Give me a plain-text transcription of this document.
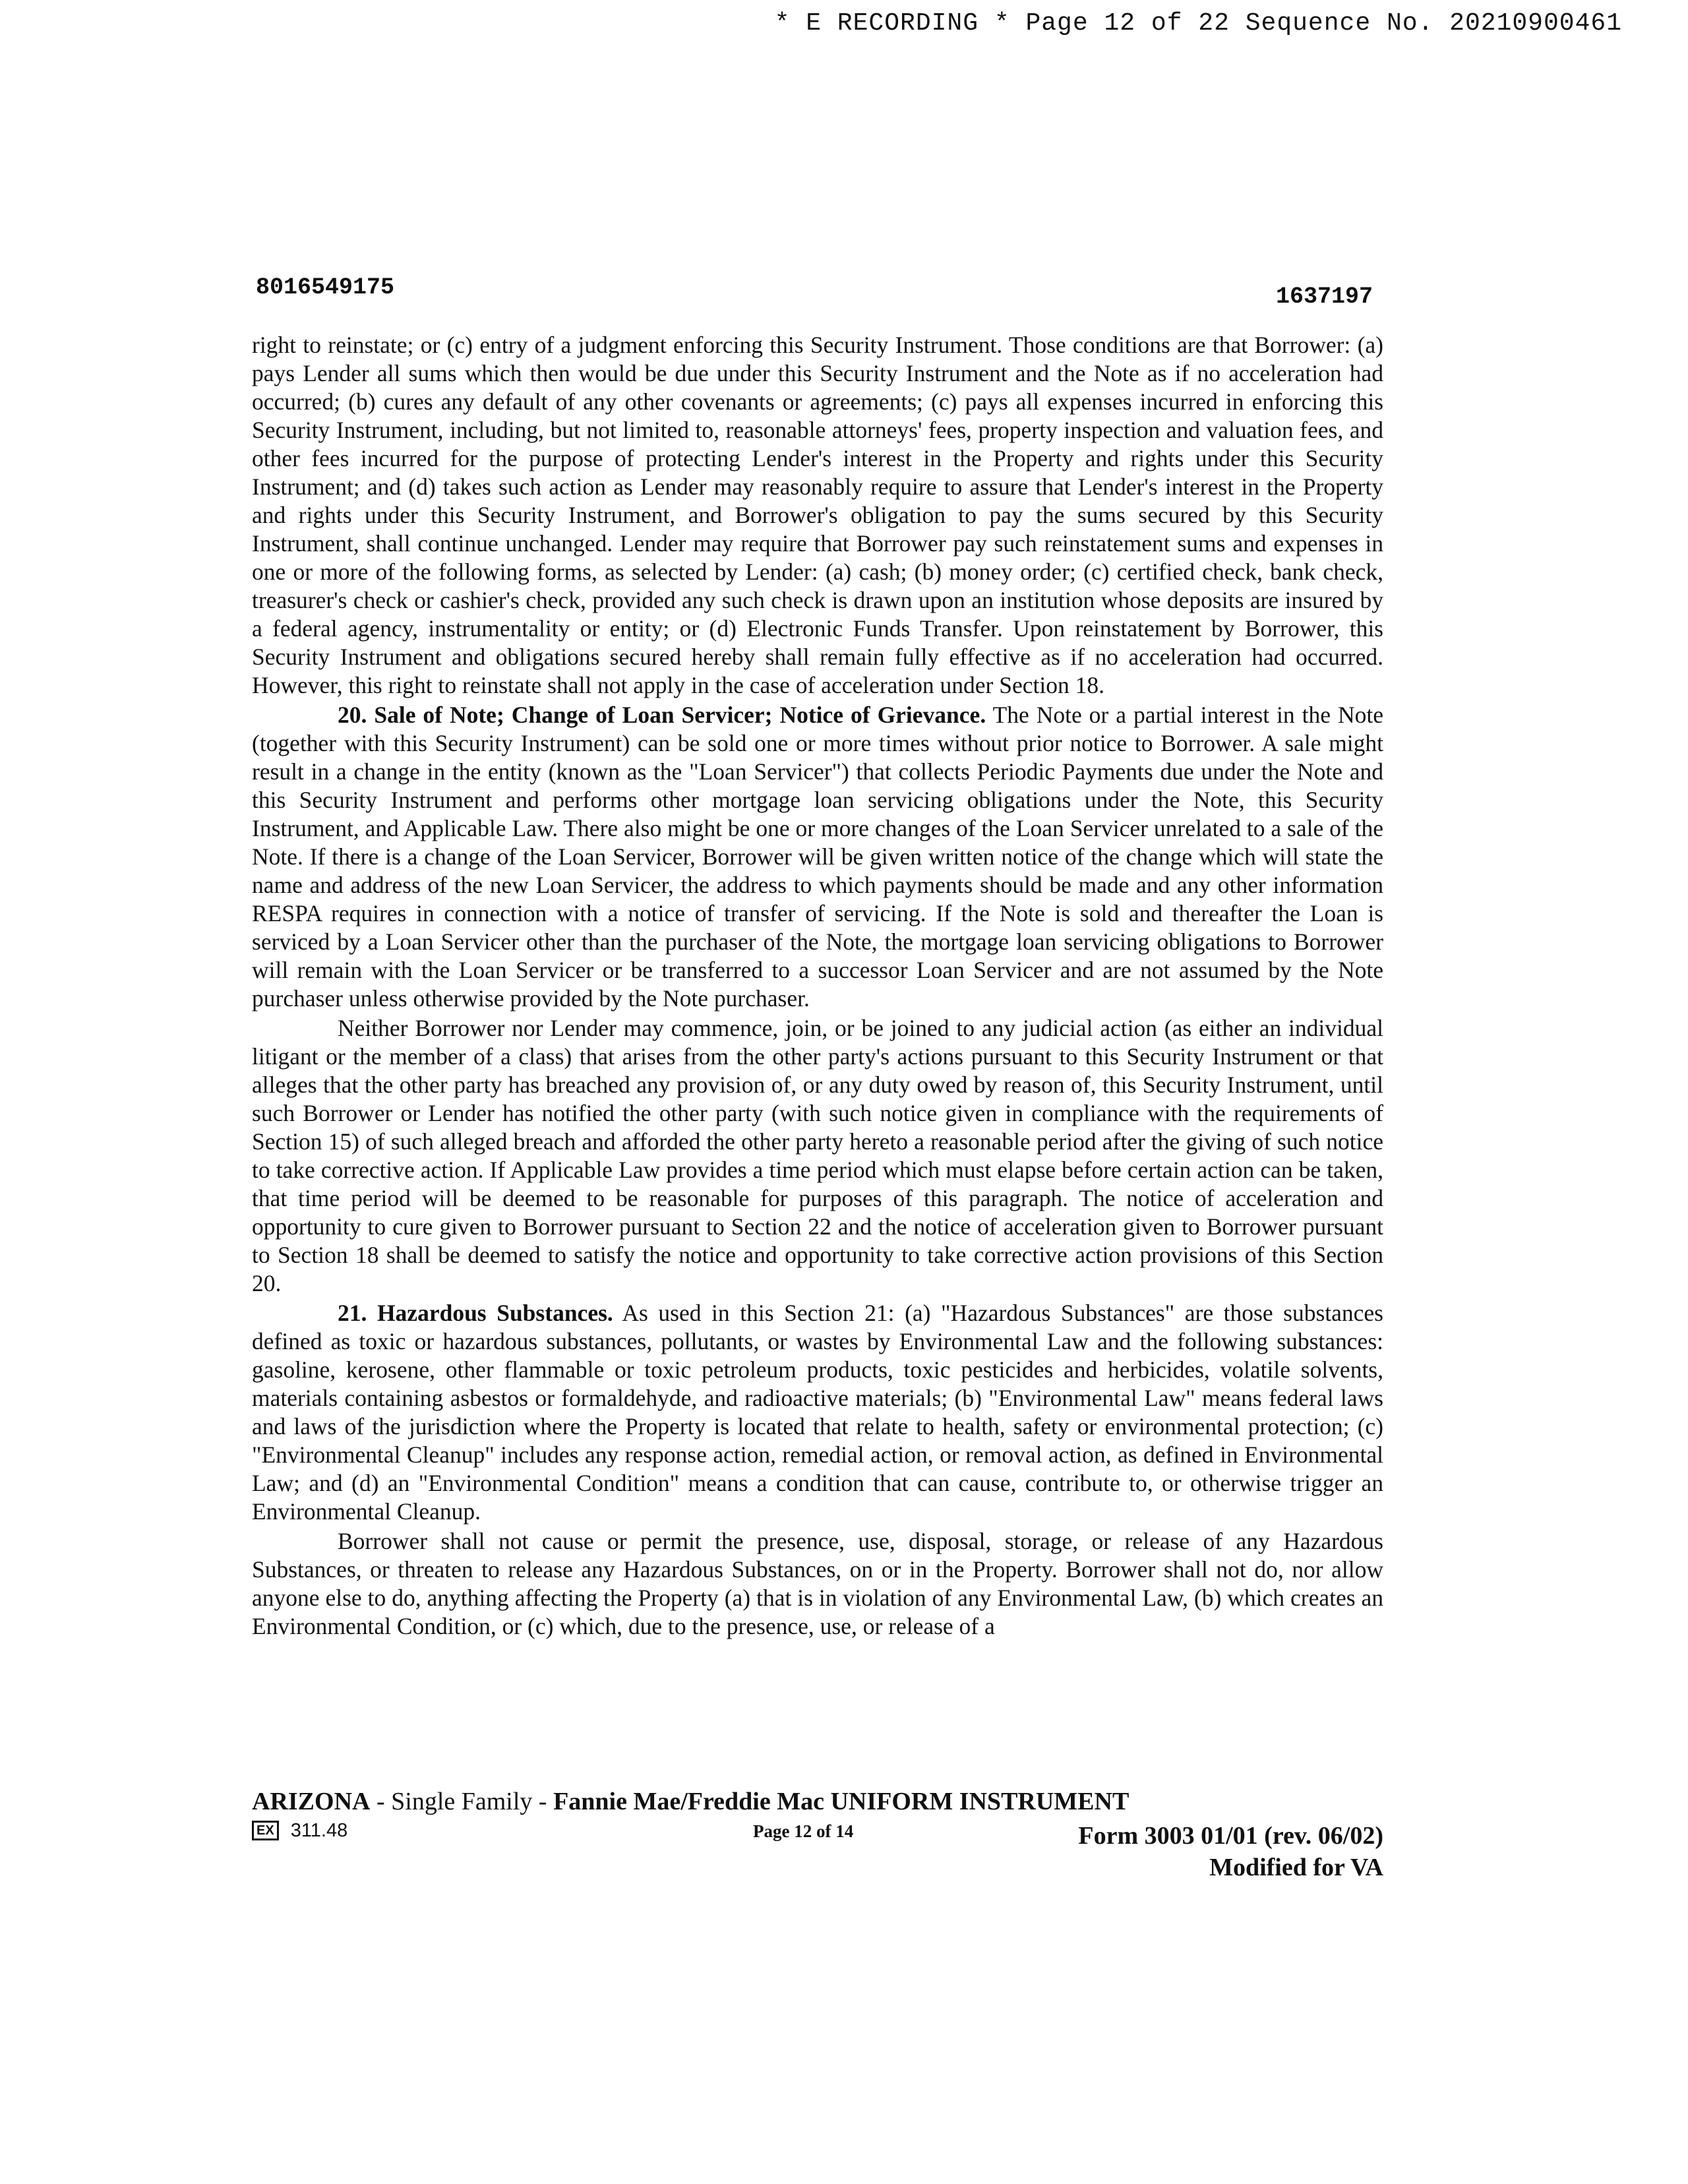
* E RECORDING * Page 12 of 22 Sequence No. 20210900461
8016549175	1637197

right to reinstate; or (c) entry of a judgment enforcing this Security Instrument. Those conditions are that Borrower: (a) pays Lender all sums which then would be due under this Security Instrument and the Note as if no acceleration had occurred; (b) cures any default of any other covenants or agreements; (c) pays all expenses incurred in enforcing this Security Instrument, including, but not limited to, reasonable attorneys' fees, property inspection and valuation fees, and other fees incurred for the purpose of protecting Lender's interest in the Property and rights under this Security Instrument; and (d) takes such action as Lender may reasonably require to assure that Lender's interest in the Property and rights under this Security Instrument, and Borrower's obligation to pay the sums secured by this Security Instrument, shall continue unchanged. Lender may require that Borrower pay such reinstatement sums and expenses in one or more of the following forms, as selected by Lender: (a) cash; (b) money order; (c) certified check, bank check, treasurer's check or cashier's check, provided any such check is drawn upon an institution whose deposits are insured by a federal agency, instrumentality or entity; or (d) Electronic Funds Transfer. Upon reinstatement by Borrower, this Security Instrument and obligations secured hereby shall remain fully effective as if no acceleration had occurred. However, this right to reinstate shall not apply in the case of acceleration under Section 18.

20. Sale of Note; Change of Loan Servicer; Notice of Grievance. The Note or a partial interest in the Note (together with this Security Instrument) can be sold one or more times without prior notice to Borrower. A sale might result in a change in the entity (known as the "Loan Servicer") that collects Periodic Payments due under the Note and this Security Instrument and performs other mortgage loan servicing obligations under the Note, this Security Instrument, and Applicable Law. There also might be one or more changes of the Loan Servicer unrelated to a sale of the Note. If there is a change of the Loan Servicer, Borrower will be given written notice of the change which will state the name and address of the new Loan Servicer, the address to which payments should be made and any other information RESPA requires in connection with a notice of transfer of servicing. If the Note is sold and thereafter the Loan is serviced by a Loan Servicer other than the purchaser of the Note, the mortgage loan servicing obligations to Borrower will remain with the Loan Servicer or be transferred to a successor Loan Servicer and are not assumed by the Note purchaser unless otherwise provided by the Note purchaser.

Neither Borrower nor Lender may commence, join, or be joined to any judicial action (as either an individual litigant or the member of a class) that arises from the other party's actions pursuant to this Security Instrument or that alleges that the other party has breached any provision of, or any duty owed by reason of, this Security Instrument, until such Borrower or Lender has notified the other party (with such notice given in compliance with the requirements of Section 15) of such alleged breach and afforded the other party hereto a reasonable period after the giving of such notice to take corrective action. If Applicable Law provides a time period which must elapse before certain action can be taken, that time period will be deemed to be reasonable for purposes of this paragraph. The notice of acceleration and opportunity to cure given to Borrower pursuant to Section 22 and the notice of acceleration given to Borrower pursuant to Section 18 shall be deemed to satisfy the notice and opportunity to take corrective action provisions of this Section 20.

21. Hazardous Substances. As used in this Section 21: (a) "Hazardous Substances" are those substances defined as toxic or hazardous substances, pollutants, or wastes by Environmental Law and the following substances: gasoline, kerosene, other flammable or toxic petroleum products, toxic pesticides and herbicides, volatile solvents, materials containing asbestos or formaldehyde, and radioactive materials; (b) "Environmental Law" means federal laws and laws of the jurisdiction where the Property is located that relate to health, safety or environmental protection; (c) "Environmental Cleanup" includes any response action, remedial action, or removal action, as defined in Environmental Law; and (d) an "Environmental Condition" means a condition that can cause, contribute to, or otherwise trigger an Environmental Cleanup.

Borrower shall not cause or permit the presence, use, disposal, storage, or release of any Hazardous Substances, or threaten to release any Hazardous Substances, on or in the Property. Borrower shall not do, nor allow anyone else to do, anything affecting the Property (a) that is in violation of any Environmental Law, (b) which creates an Environmental Condition, or (c) which, due to the presence, use, or release of a

ARIZONA - Single Family - Fannie Mae/Freddie Mac UNIFORM INSTRUMENT
EX 311.48	Page 12 of 14	Form 3003 01/01 (rev. 06/02)
Modified for VA
